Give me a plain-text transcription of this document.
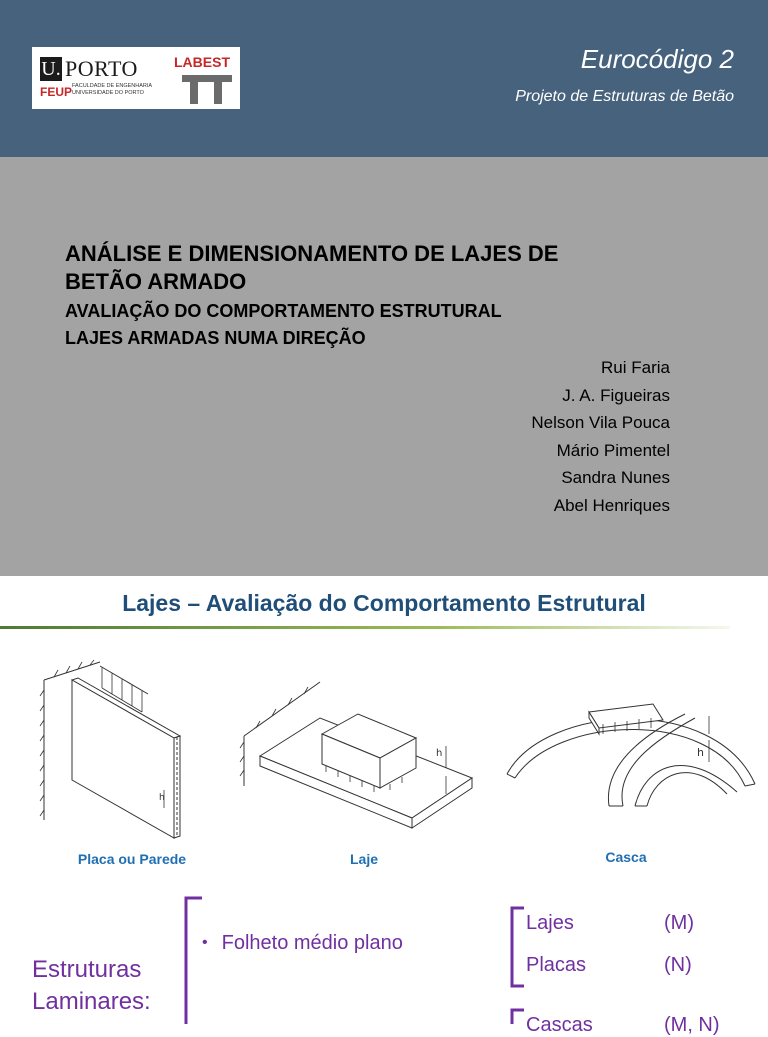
U. PORTO
FEUP FACULDADE DE ENGENHARIA
UNIVERSIDADE DO PORTO
LABEST	Eurocódigo 2
Projeto de Estruturas de Betão
ANÁLISE E DIMENSIONAMENTO DE LAJES DE
BETÃO ARMADO
AVALIAÇÃO DO COMPORTAMENTO ESTRUTURAL
LAJES ARMADAS NUMA DIREÇÃO
Rui Faria
J. A. Figueiras
Nelson Vila Pouca
Mário Pimentel
Sandra Nunes
Abel Henriques
Lajes – Avaliação do Comportamento Estrutural
h
Placa ou Parede
h
Laje
h
Casca
Estruturas
Laminares:
• Folheto médio plano
Lajes	(M)
Placas	(N)
Cascas	(M, N)
